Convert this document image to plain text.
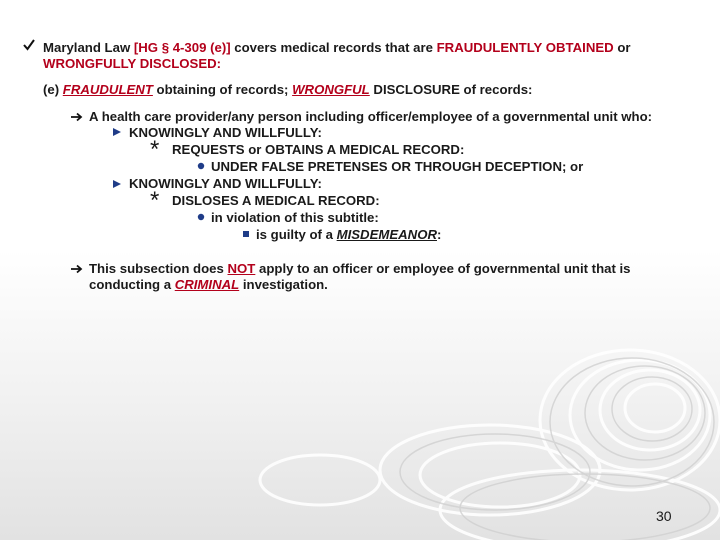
Maryland Law [HG § 4-309 (e)] covers medical records that are FRAUDULENTLY OBTAINED or
WRONGFULLY DISCLOSED:
(e) FRAUDULENT obtaining of records; WRONGFUL DISCLOSURE of records:
A health care provider/any person including officer/employee of a governmental unit who:
KNOWINGLY AND WILLFULLY:
* REQUESTS or OBTAINS A MEDICAL RECORD:
UNDER FALSE PRETENSES OR THROUGH DECEPTION; or
KNOWINGLY AND WILLFULLY:
* DISLOSES A MEDICAL RECORD:
in violation of this subtitle:
is guilty of a MISDEMEANOR:
This subsection does NOT apply to an officer or employee of governmental unit that is
conducting a CRIMINAL investigation.
30
